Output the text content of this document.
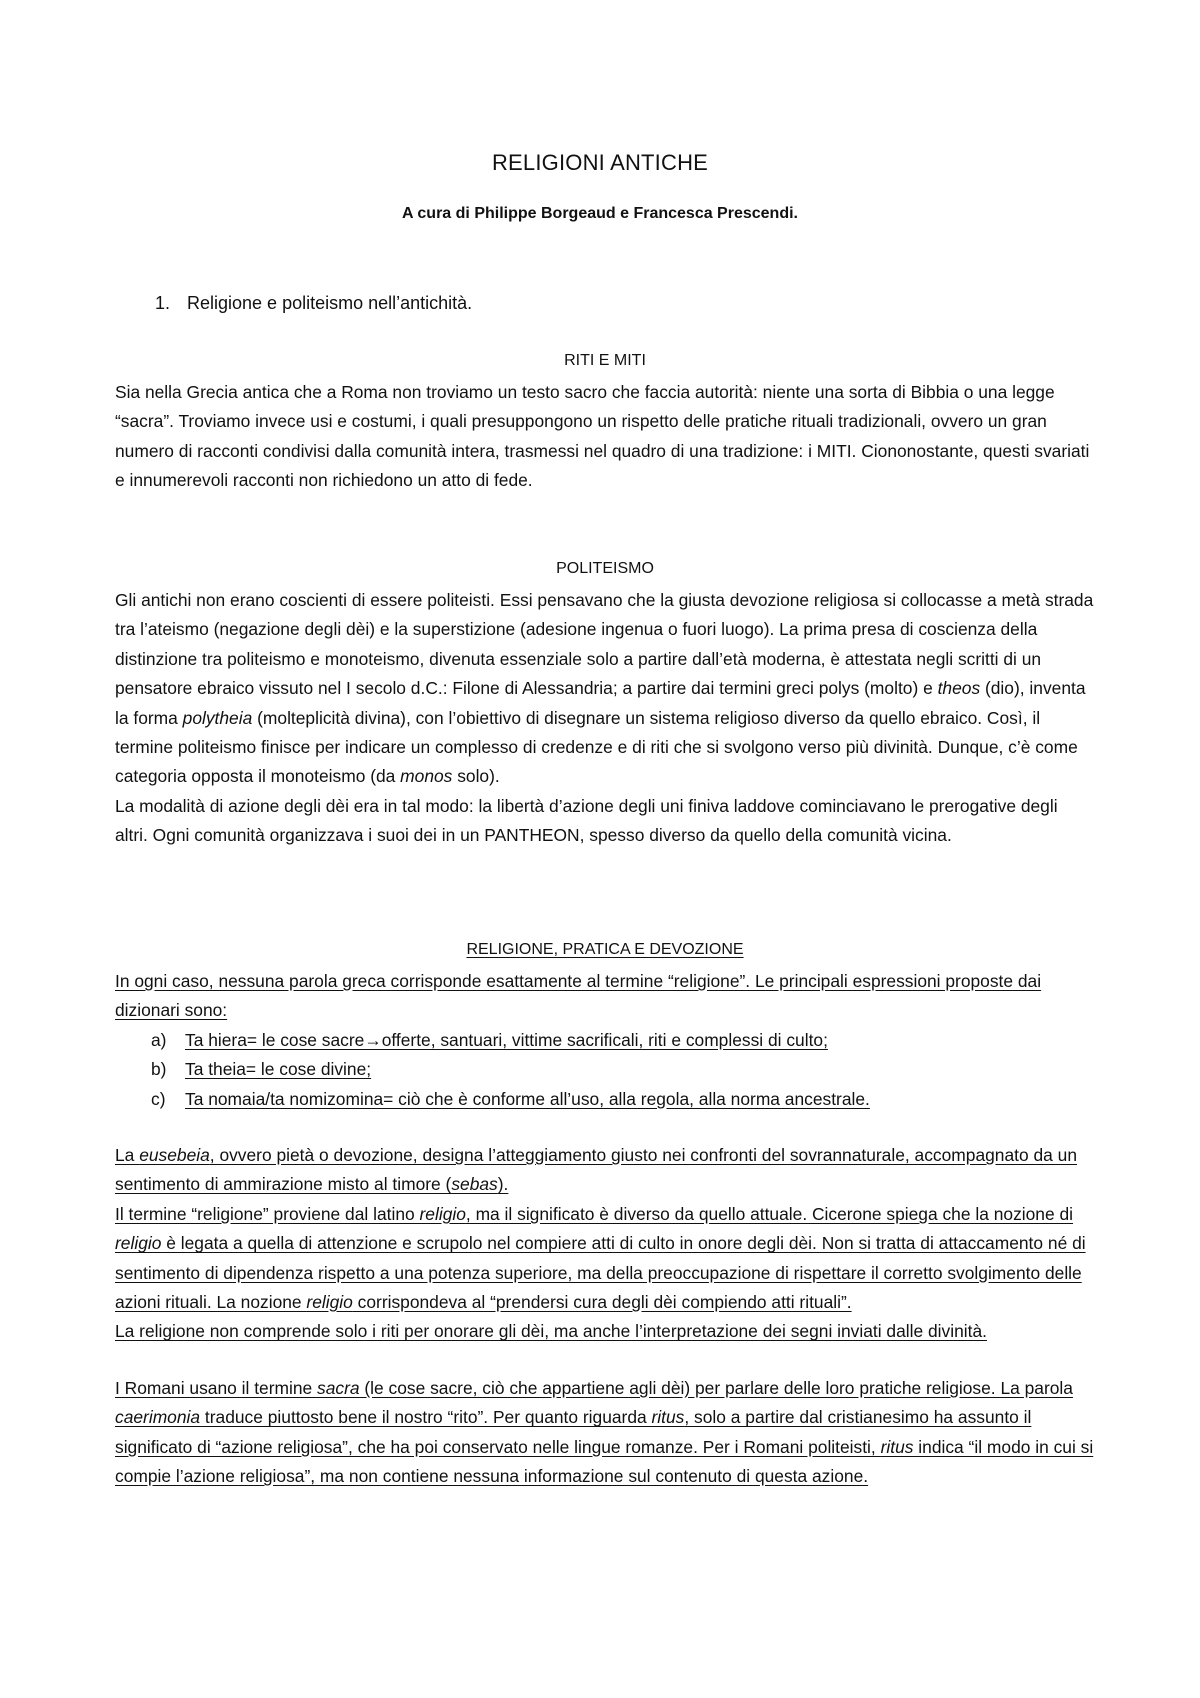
RELIGIONI ANTICHE
A cura di Philippe Borgeaud e Francesca Prescendi.
1. Religione e politeismo nell’antichità.
RITI E MITI

Sia nella Grecia antica che a Roma non troviamo un testo sacro che faccia autorità: niente una sorta di Bibbia o una legge “sacra”. Troviamo invece usi e costumi, i quali presuppongono un rispetto delle pratiche rituali tradizionali, ovvero un gran numero di racconti condivisi dalla comunità intera, trasmessi nel quadro di una tradizione: i MITI. Ciononostante, questi svariati e innumerevoli racconti non richiedono un atto di fede.

POLITEISMO

Gli antichi non erano coscienti di essere politeisti. Essi pensavano che la giusta devozione religiosa si collocasse a metà strada tra l’ateismo (negazione degli dèi) e la superstizione (adesione ingenua o fuori luogo). La prima presa di coscienza della distinzione tra politeismo e monoteismo, divenuta essenziale solo a partire dall’età moderna, è attestata negli scritti di un pensatore ebraico vissuto nel I secolo d.C.: Filone di Alessandria; a partire dai termini greci polys (molto) e theos (dio), inventa la forma polytheia (molteplicità divina), con l’obiettivo di disegnare un sistema religioso diverso da quello ebraico. Così, il termine politeismo finisce per indicare un complesso di credenze e di riti che si svolgono verso più divinità. Dunque, c’è come categoria opposta il monoteismo (da monos solo).

La modalità di azione degli dèi era in tal modo: la libertà d’azione degli uni finiva laddove cominciavano le prerogative degli altri. Ogni comunità organizzava i suoi dei in un PANTHEON, spesso diverso da quello della comunità vicina.

RELIGIONE, PRATICA E DEVOZIONE

In ogni caso, nessuna parola greca corrisponde esattamente al termine “religione”. Le principali espressioni proposte dai dizionari sono:

a) Ta hiera= le cose sacre→offerte, santuari, vittime sacrificali, riti e complessi di culto;
b) Ta theia= le cose divine;
c) Ta nomaia/ta nomizomina= ciò che è conforme all’uso, alla regola, alla norma ancestrale.

La eusebeia, ovvero pietà o devozione, designa l’atteggiamento giusto nei confronti del sovrannaturale, accompagnato da un sentimento di ammirazione misto al timore (sebas).

Il termine “religione” proviene dal latino religio, ma il significato è diverso da quello attuale. Cicerone spiega che la nozione di religio è legata a quella di attenzione e scrupolo nel compiere atti di culto in onore degli dèi. Non si tratta di attaccamento né di sentimento di dipendenza rispetto a una potenza superiore, ma della preoccupazione di rispettare il corretto svolgimento delle azioni rituali. La nozione religio corrispondeva al “prendersi cura degli dèi compiendo atti rituali”.

La religione non comprende solo i riti per onorare gli dèi, ma anche l’interpretazione dei segni inviati dalle divinità.

I Romani usano il termine sacra (le cose sacre, ciò che appartiene agli dèi) per parlare delle loro pratiche religiose. La parola caerimonia traduce piuttosto bene il nostro “rito”. Per quanto riguarda ritus, solo a partire dal cristianesimo ha assunto il significato di “azione religiosa”, che ha poi conservato nelle lingue romanze. Per i Romani politeisti, ritus indica “il modo in cui si compie l’azione religiosa”, ma non contiene nessuna informazione sul contenuto di questa azione.
